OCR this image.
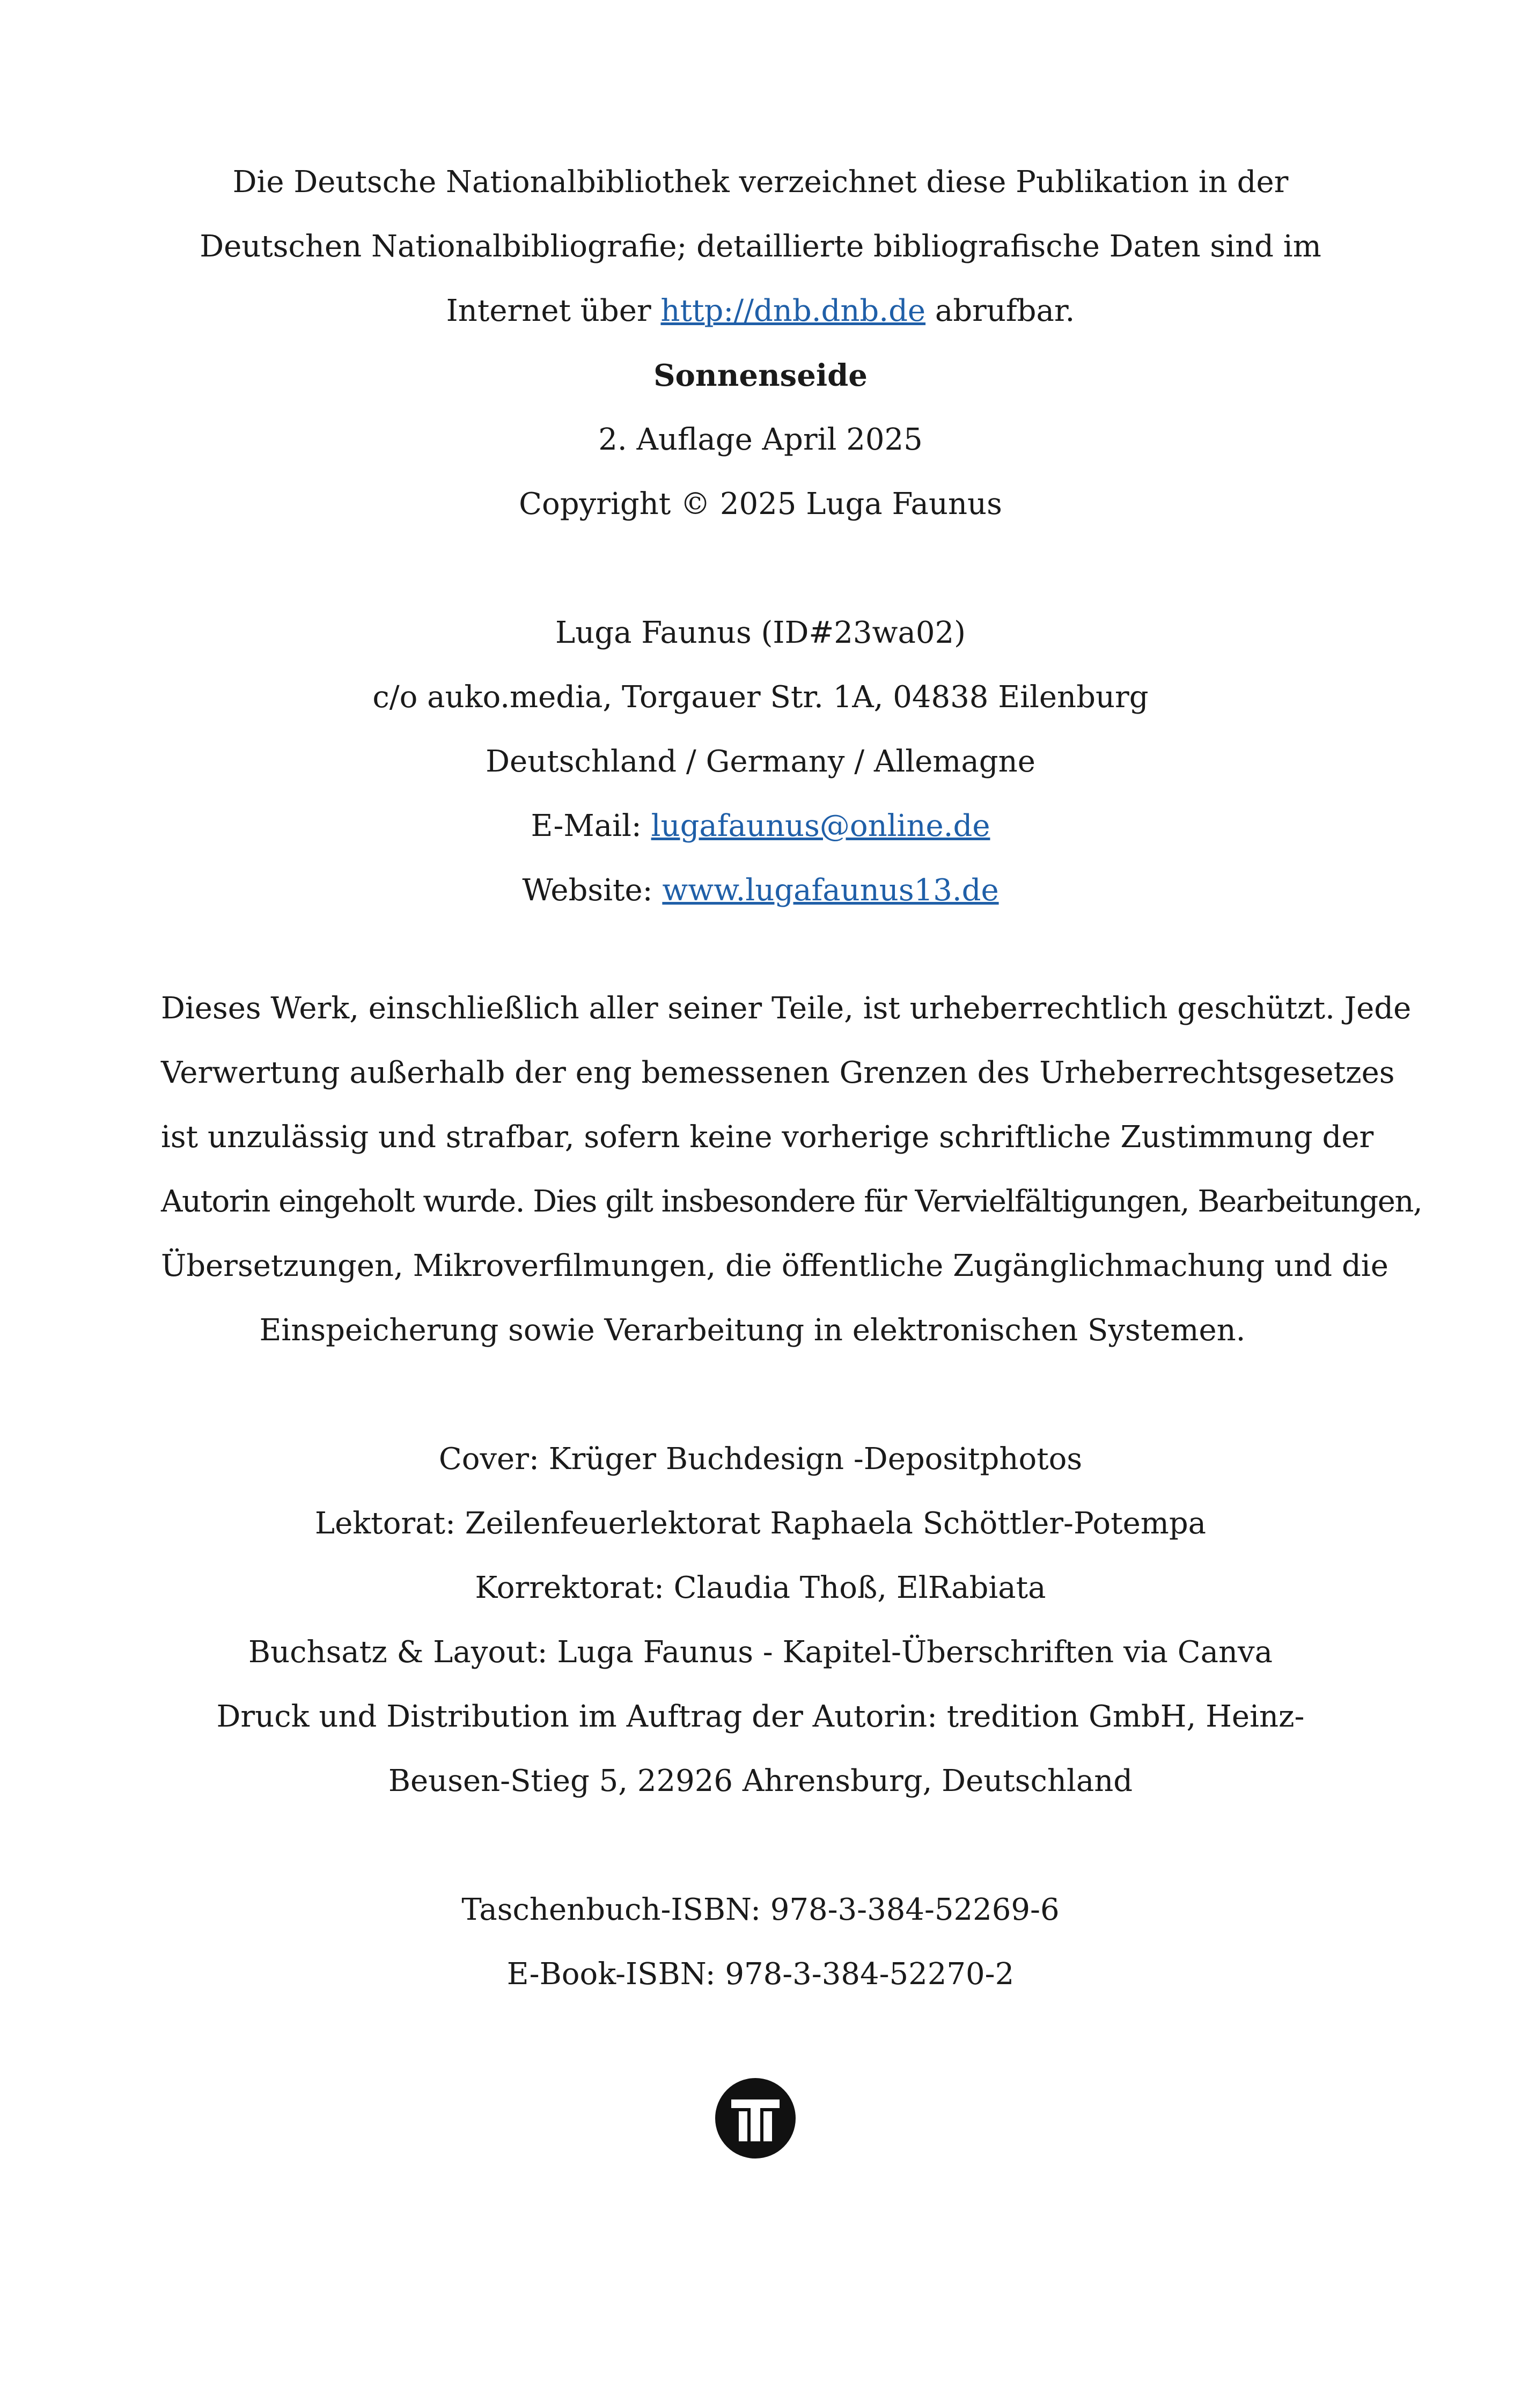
Die Deutsche Nationalbibliothek verzeichnet diese Publikation in der
Deutschen Nationalbibliografie; detaillierte bibliografische Daten sind im
Internet über http://dnb.dnb.de abrufbar.
Sonnenseide
2. Auflage April 2025
Copyright © 2025 Luga Faunus
Luga Faunus (ID#23wa02)
c/o auko.media, Torgauer Str. 1A, 04838 Eilenburg
Deutschland / Germany / Allemagne
E-Mail: lugafaunus@online.de
Website: www.lugafaunus13.de
Dieses Werk, einschließlich aller seiner Teile, ist urheberrechtlich geschützt. Jede
Verwertung außerhalb der eng bemessenen Grenzen des Urheberrechtsgesetzes
ist unzulässig und strafbar, sofern keine vorherige schriftliche Zustimmung der
Autorin eingeholt wurde. Dies gilt insbesondere für Vervielfältigungen, Bearbeitungen,
Übersetzungen, Mikroverfilmungen, die öffentliche Zugänglichmachung und die
Einspeicherung sowie Verarbeitung in elektronischen Systemen.
Cover: Krüger Buchdesign -Depositphotos
Lektorat: Zeilenfeuerlektorat Raphaela Schöttler-Potempa
Korrektorat: Claudia Thoß, ElRabiata
Buchsatz & Layout: Luga Faunus - Kapitel-Überschriften via Canva
Druck und Distribution im Auftrag der Autorin: tredition GmbH, Heinz-
Beusen-Stieg 5, 22926 Ahrensburg, Deutschland
Taschenbuch-ISBN: 978-3-384-52269-6
E-Book-ISBN: 978-3-384-52270-2
